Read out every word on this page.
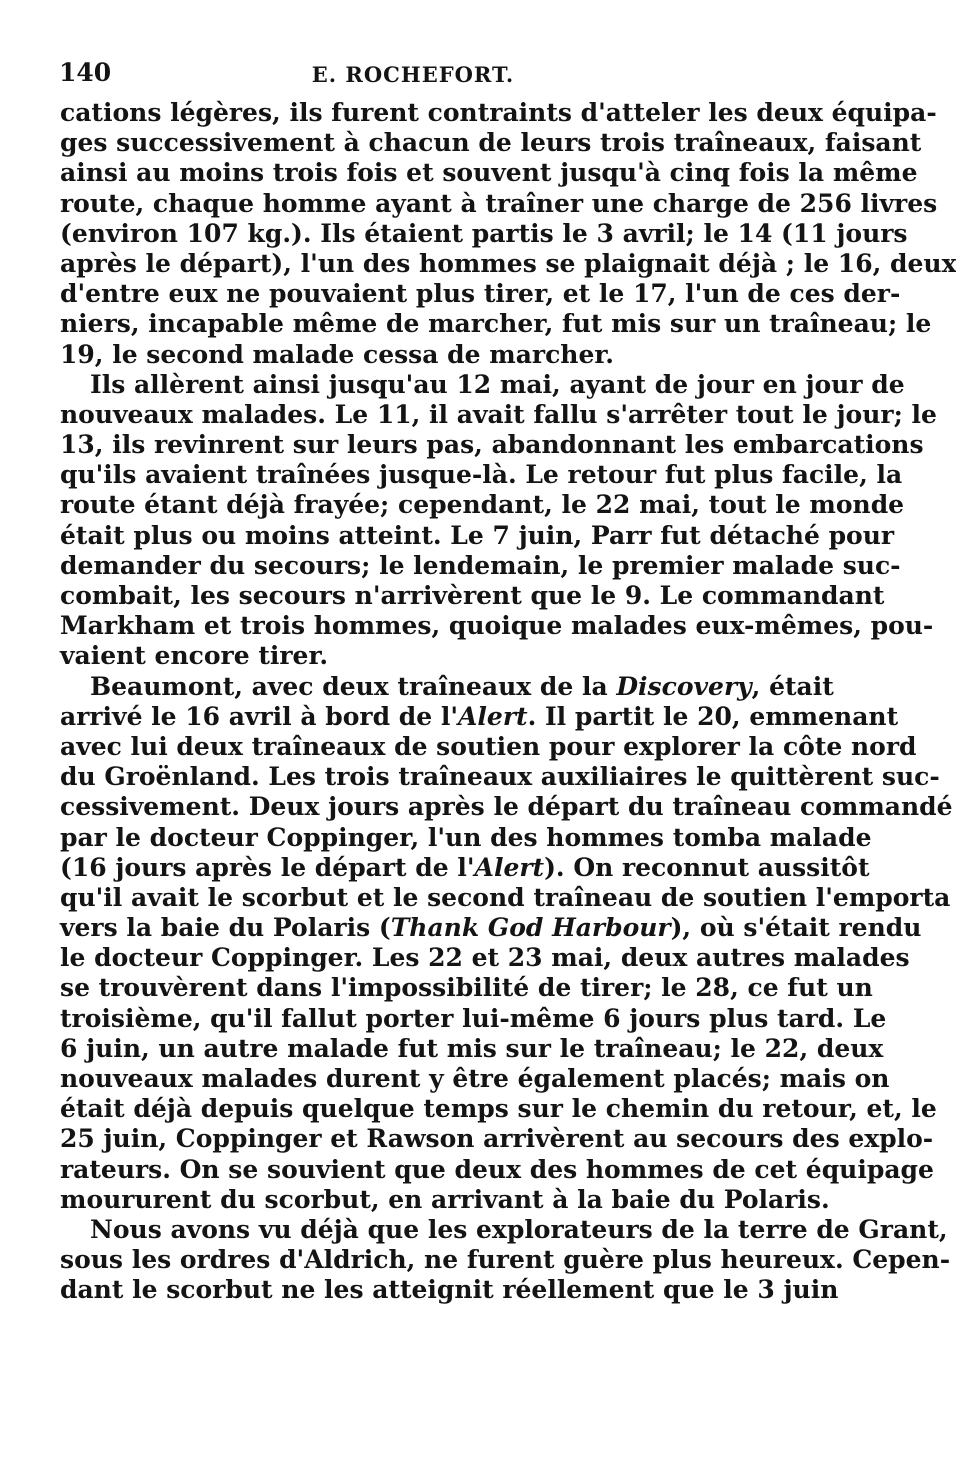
140	E. ROCHEFORT.

cations légères, ils furent contraints d'atteler les deux équipa-
ges successivement à chacun de leurs trois traîneaux, faisant
ainsi au moins trois fois et souvent jusqu'à cinq fois la même
route, chaque homme ayant à traîner une charge de 256 livres
(environ 107 kg.). Ils étaient partis le 3 avril; le 14 (11 jours
après le départ), l'un des hommes se plaignait déjà ; le 16, deux
d'entre eux ne pouvaient plus tirer, et le 17, l'un de ces der-
niers, incapable même de marcher, fut mis sur un traîneau; le
19, le second malade cessa de marcher.

Ils allèrent ainsi jusqu'au 12 mai, ayant de jour en jour de
nouveaux malades. Le 11, il avait fallu s'arrêter tout le jour; le
13, ils revinrent sur leurs pas, abandonnant les embarcations
qu'ils avaient traînées jusque-là. Le retour fut plus facile, la
route étant déjà frayée; cependant, le 22 mai, tout le monde
était plus ou moins atteint. Le 7 juin, Parr fut détaché pour
demander du secours; le lendemain, le premier malade suc-
combait, les secours n'arrivèrent que le 9. Le commandant
Markham et trois hommes, quoique malades eux-mêmes, pou-
vaient encore tirer.

Beaumont, avec deux traîneaux de la Discovery, était
arrivé le 16 avril à bord de l'Alert. Il partit le 20, emmenant
avec lui deux traîneaux de soutien pour explorer la côte nord
du Groënland. Les trois traîneaux auxiliaires le quittèrent suc-
cessivement. Deux jours après le départ du traîneau commandé
par le docteur Coppinger, l'un des hommes tomba malade
(16 jours après le départ de l'Alert). On reconnut aussitôt
qu'il avait le scorbut et le second traîneau de soutien l'emporta
vers la baie du Polaris (Thank God Harbour), où s'était rendu
le docteur Coppinger. Les 22 et 23 mai, deux autres malades
se trouvèrent dans l'impossibilité de tirer; le 28, ce fut un
troisième, qu'il fallut porter lui-même 6 jours plus tard. Le
6 juin, un autre malade fut mis sur le traîneau; le 22, deux
nouveaux malades durent y être également placés; mais on
était déjà depuis quelque temps sur le chemin du retour, et, le
25 juin, Coppinger et Rawson arrivèrent au secours des explo-
rateurs. On se souvient que deux des hommes de cet équipage
moururent du scorbut, en arrivant à la baie du Polaris.

Nous avons vu déjà que les explorateurs de la terre de Grant,
sous les ordres d'Aldrich, ne furent guère plus heureux. Cepen-
dant le scorbut ne les atteignit réellement que le 3 juin
